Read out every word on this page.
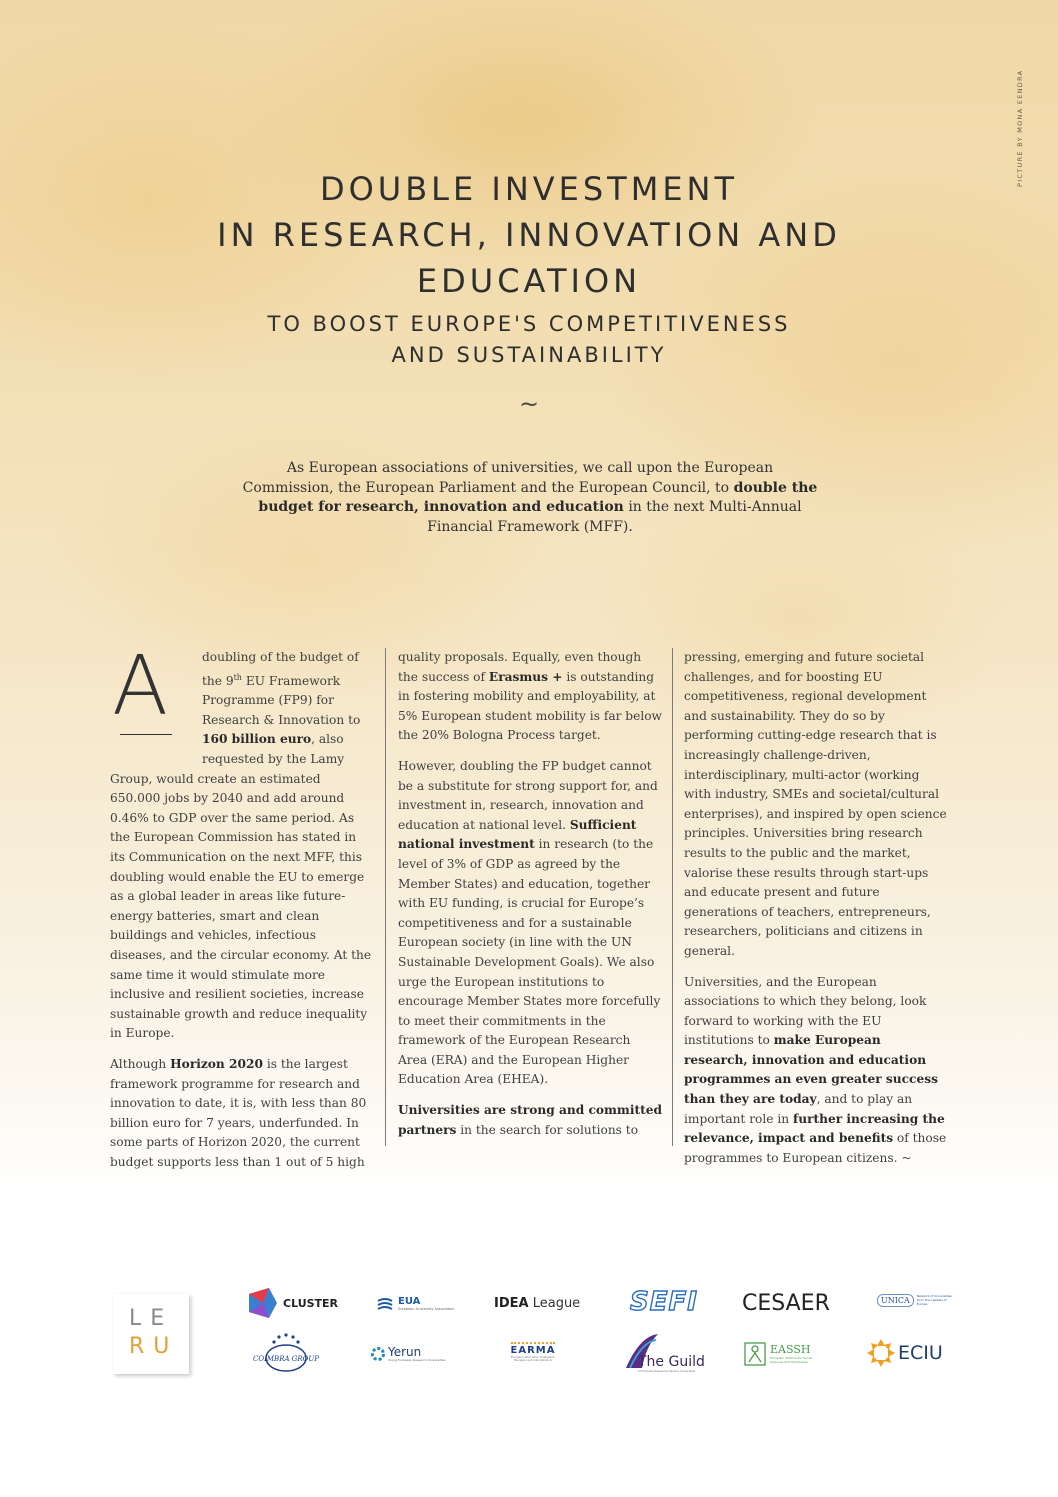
PICTURE BY MONA EENDRA
DOUBLE INVESTMENT
IN RESEARCH, INNOVATION AND
EDUCATION
TO BOOST EUROPE'S COMPETITIVENESS
AND SUSTAINABILITY
~

As European associations of universities, we call upon the European Commission, the European Parliament and the European Council, to double the budget for research, innovation and education in the next Multi-Annual Financial Framework (MFF).

A	doubling of the budget of the 9th EU Framework Programme (FP9) for Research & Innovation to 160 billion euro, also requested by the Lamy Group, would create an estimated 650.000 jobs by 2040 and add around 0.46% to GDP over the same period. As the European Commission has stated in its Communication on the next MFF, this doubling would enable the EU to emerge as a global leader in areas like future-energy batteries, smart and clean buildings and vehicles, infectious diseases, and the circular economy. At the same time it would stimulate more inclusive and resilient societies, increase sustainable growth and reduce inequality in Europe.

Although Horizon 2020 is the largest framework programme for research and innovation to date, it is, with less than 80 billion euro for 7 years, underfunded. In some parts of Horizon 2020, the current budget supports less than 1 out of 5 high

quality proposals. Equally, even though the success of Erasmus + is outstanding in fostering mobility and employability, at 5% European student mobility is far below the 20% Bologna Process target.

However, doubling the FP budget cannot be a substitute for strong support for, and investment in, research, innovation and education at national level. Sufficient national investment in research (to the level of 3% of GDP as agreed by the Member States) and education, together with EU funding, is crucial for Europe’s competitiveness and for a sustainable European society (in line with the UN Sustainable Development Goals). We also urge the European institutions to encourage Member States more forcefully to meet their commitments in the framework of the European Research Area (ERA) and the European Higher Education Area (EHEA).

Universities are strong and committed partners in the search for solutions to

pressing, emerging and future societal challenges, and for boosting EU competitiveness, regional development and sustainability. They do so by performing cutting-edge research that is increasingly challenge-driven, interdisciplinary, multi-actor (working with industry, SMEs and societal/cultural enterprises), and inspired by open science principles. Universities bring research results to the public and the market, valorise these results through start-ups and educate present and future generations of teachers, entrepreneurs, researchers, politicians and citizens in general.

Universities, and the European associations to which they belong, look forward to working with the EU institutions to make European research, innovation and education programmes an even greater success than they are today, and to play an important role in further increasing the relevance, impact and benefits of those programmes to European citizens. ~

LE
RU
CLUSTER	EUA
European University Association	IDEA League SEFI CESAER	UNICA	Network of Universities from the Capitals of Europe
COIMBRA GROUP
Yerun
Young European Research Universities
EARMA
European Association of Research Managers and Administrators	The Guild
of European Research-Intensive Universities
EASSH
European Alliance for Social Sciences and Humanities	ECIU
